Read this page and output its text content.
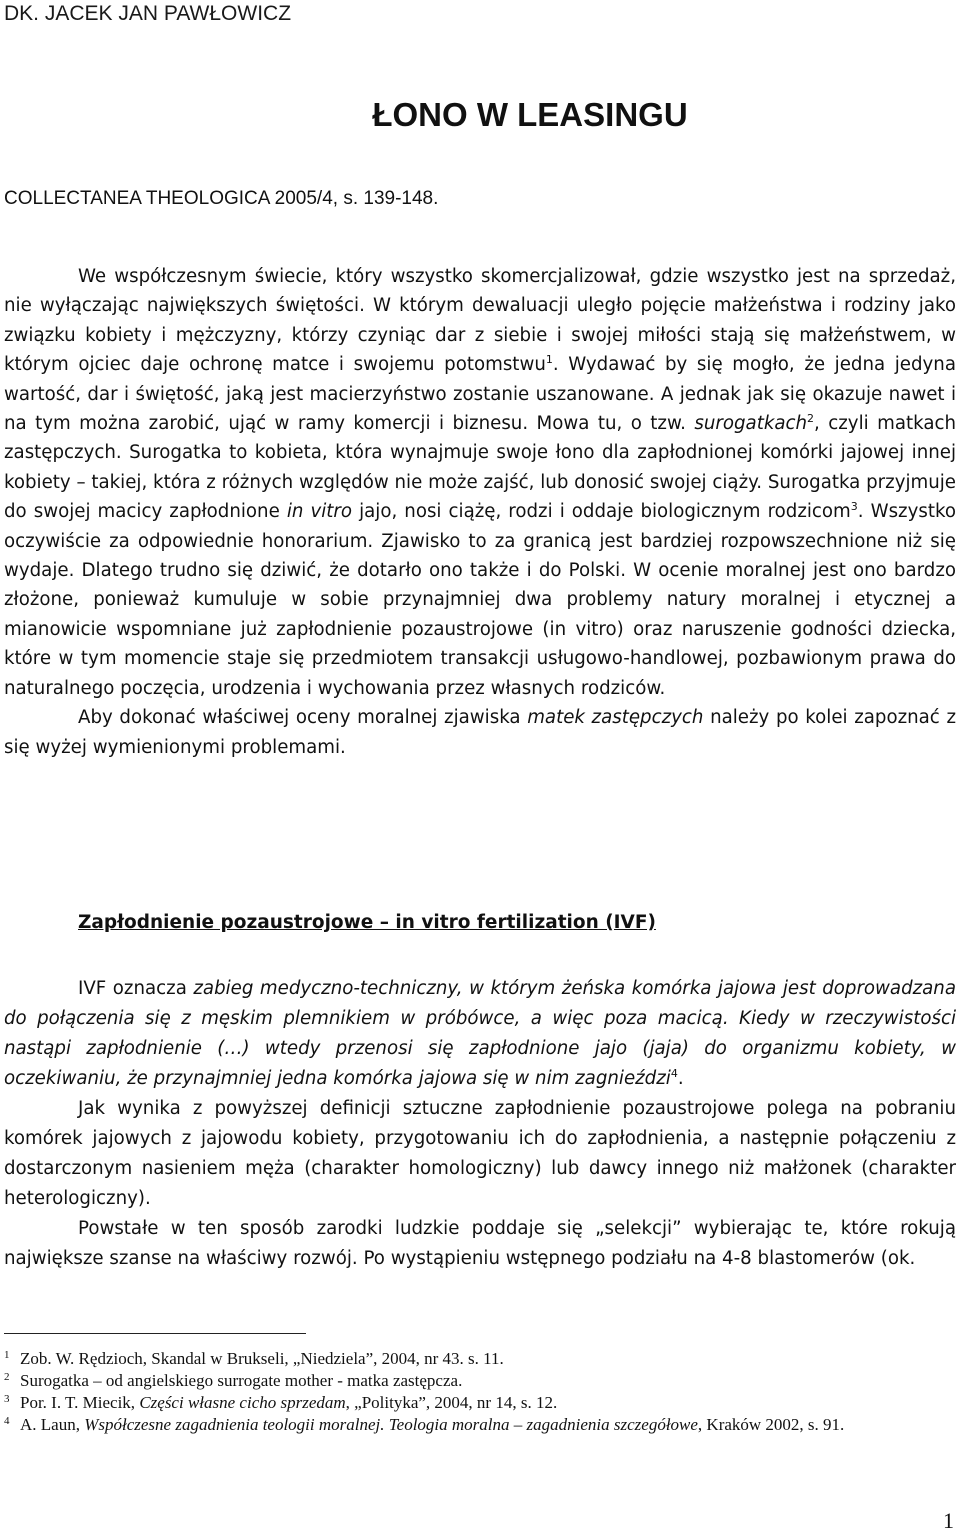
DK. JACEK JAN PAWŁOWICZ
ŁONO W LEASINGU
COLLECTANEA THEOLOGICA 2005/4, s. 139-148.

We współczesnym świecie, który wszystko skomercjalizował, gdzie wszystko jest na sprzedaż, nie wyłączając największych świętości. W którym dewaluacji uległo pojęcie małżeństwa i rodziny jako związku kobiety i mężczyzny, którzy czyniąc dar z siebie i swojej miłości stają się małżeństwem, w którym ojciec daje ochronę matce i swojemu potomstwu$^1$. Wydawać by się mogło, że jedna jedyna wartość, dar i świętość, jaką jest macierzyństwo zostanie uszanowane. A jednak jak się okazuje nawet i na tym można zarobić, ująć w ramy komercji i biznesu. Mowa tu, o tzw. surogatkach$^2$, czyli matkach zastępczych. Surogatka to kobieta, która wynajmuje swoje łono dla zapłodnionej komórki jajowej innej kobiety – takiej, która z różnych względów nie może zajść, lub donosić swojej ciąży. Surogatka przyjmuje do swojej macicy zapłodnione in vitro jajo, nosi ciążę, rodzi i oddaje biologicznym rodzicom$^3$. Wszystko oczywiście za odpowiednie honorarium. Zjawisko to za granicą jest bardziej rozpowszechnione niż się wydaje. Dlatego trudno się dziwić, że dotarło ono także i do Polski. W ocenie moralnej jest ono bardzo złożone, ponieważ kumuluje w sobie przynajmniej dwa problemy natury moralnej i etycznej a mianowicie wspomniane już zapłodnienie pozaustrojowe (in vitro) oraz naruszenie godności dziecka, które w tym momencie staje się przedmiotem transakcji usługowo-handlowej, pozbawionym prawa do naturalnego poczęcia, urodzenia i wychowania przez własnych rodziców.

Aby dokonać właściwej oceny moralnej zjawiska matek zastępczych należy po kolei zapoznać z się wyżej wymienionymi problemami.

Zapłodnienie pozaustrojowe – in vitro fertilization (IVF)

IVF oznacza zabieg medyczno-techniczny, w którym żeńska komórka jajowa jest doprowadzana do połączenia się z męskim plemnikiem w próbówce, a więc poza macicą. Kiedy w rzeczywistości nastąpi zapłodnienie (…) wtedy przenosi się zapłodnione jajo (jaja) do organizmu kobiety, w oczekiwaniu, że przynajmniej jedna komórka jajowa się w nim zagnieździ$^4$.

Jak wynika z powyższej definicji sztuczne zapłodnienie pozaustrojowe polega na pobraniu komórek jajowych z jajowodu kobiety, przygotowaniu ich do zapłodnienia, a następnie połączeniu z dostarczonym nasieniem męża (charakter homologiczny) lub dawcy innego niż małżonek (charakter heterologiczny).

Powstałe w ten sposób zarodki ludzkie poddaje się „selekcji” wybierając te, które rokują największe szanse na właściwy rozwój. Po wystąpieniu wstępnego podziału na 4-8 blastomerów (ok.

1 Zob. W. Rędzioch, Skandal w Brukseli, „Niedziela”, 2004, nr 43. s. 11.
2 Surogatka – od angielskiego surrogate mother - matka zastępcza.
3 Por. I. T. Miecik, Części własne cicho sprzedam, „Polityka”, 2004, nr 14, s. 12.
4 A. Laun, Współczesne zagadnienia teologii moralnej. Teologia moralna – zagadnienia szczegółowe, Kraków 2002, s. 91.
1
